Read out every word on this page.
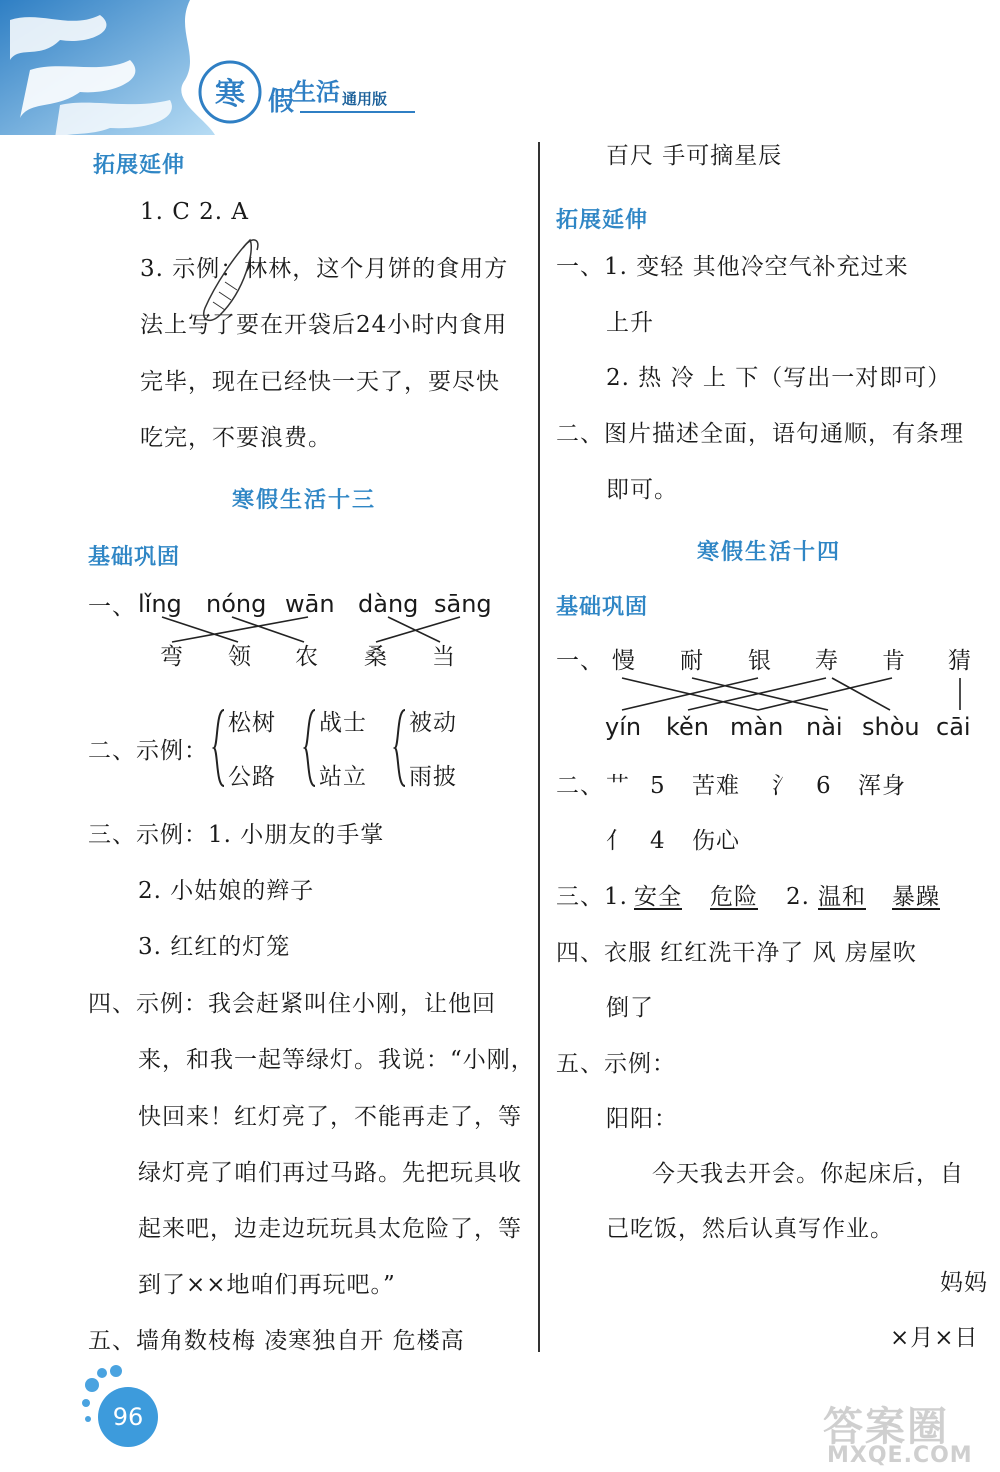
寒 假
生活 通用版
拓展延伸
1. C 2. A
3. 示例：林林，这个月饼的食用方
法上写了要在开袋后24小时内食用
完毕，现在已经快一天了，要尽快
吃完，不要浪费。
寒假生活十三
基础巩固
一、 lǐng nóng wān dàng sāng
弯 领 农 桑 当
二、示例：
松树
公路
战士
站立
被动
雨披
三、示例：1. 小朋友的手掌
2. 小姑娘的辫子
3. 红红的灯笼
四、示例：我会赶紧叫住小刚，让他回
来，和我一起等绿灯。我说：“小刚，
快回来！红灯亮了，不能再走了，等
绿灯亮了咱们再过马路。先把玩具收
起来吧，边走边玩玩具太危险了，等
到了××地咱们再玩吧。”
五、墙角数枝梅 凌寒独自开 危楼高
百尺 手可摘星辰
拓展延伸
一、1. 变轻 其他冷空气补充过来
上升
2. 热 冷 上 下（写出一对即可）
二、图片描述全面，语句通顺，有条理
即可。
寒假生活十四
基础巩固
一、 慢 耐 银 寿 肯 猜
yín kěn màn nài shòu cāi
二、 艹 5 苦难 氵 6 浑身
亻 4 伤心
三、1. 安全 危险 2. 温和 暴躁
四、衣服 红红洗干净了 风 房屋吹
倒了
五、示例：
阳阳：
今天我去开会。你起床后，自
己吃饭，然后认真写作业。
妈妈
×月×日
96	答案圈
MXQE.COM
